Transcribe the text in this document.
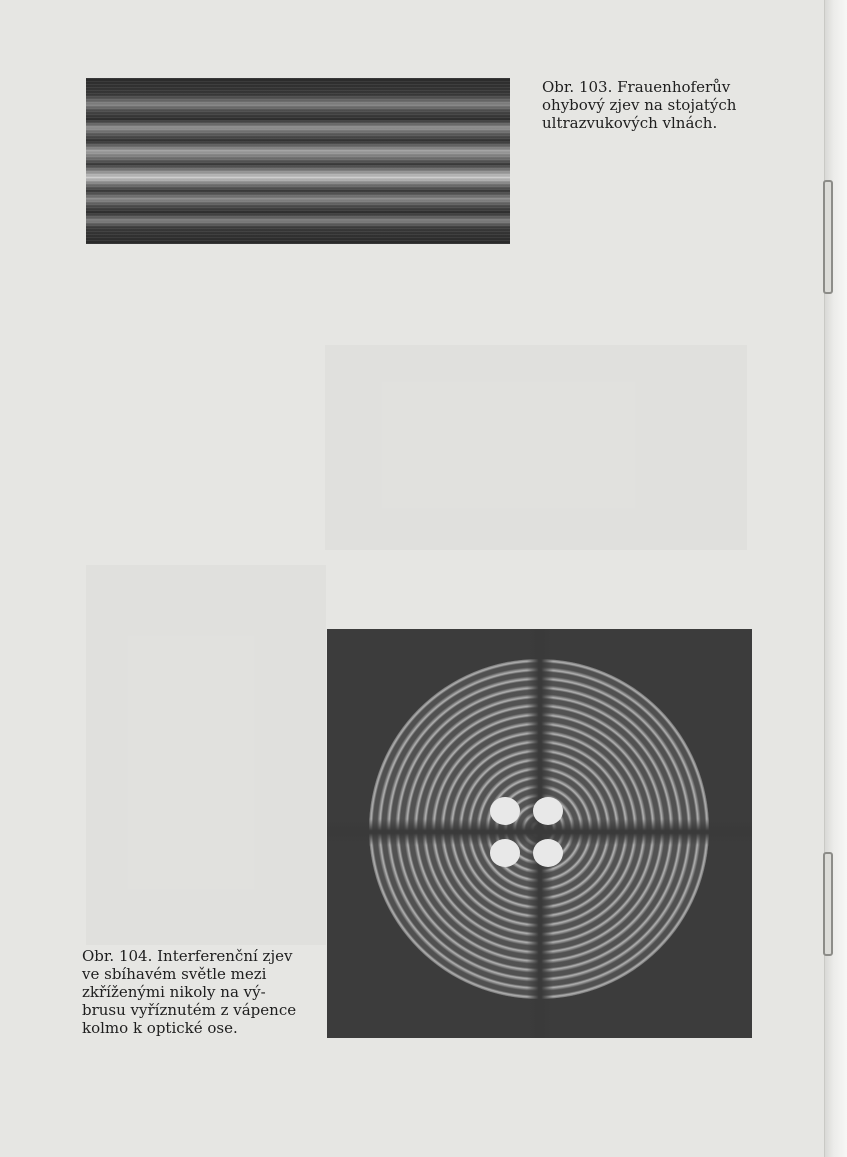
Obr. 103. Frauenhoferův
ohybový zjev na stojatých
ultrazvukových vlnách.

Obr. 104. Interferenční zjev
ve sbíhavém světle mezi
zkříženými nikoly na vý-
brusu vyříznutém z vápence
kolmo k optické ose.
